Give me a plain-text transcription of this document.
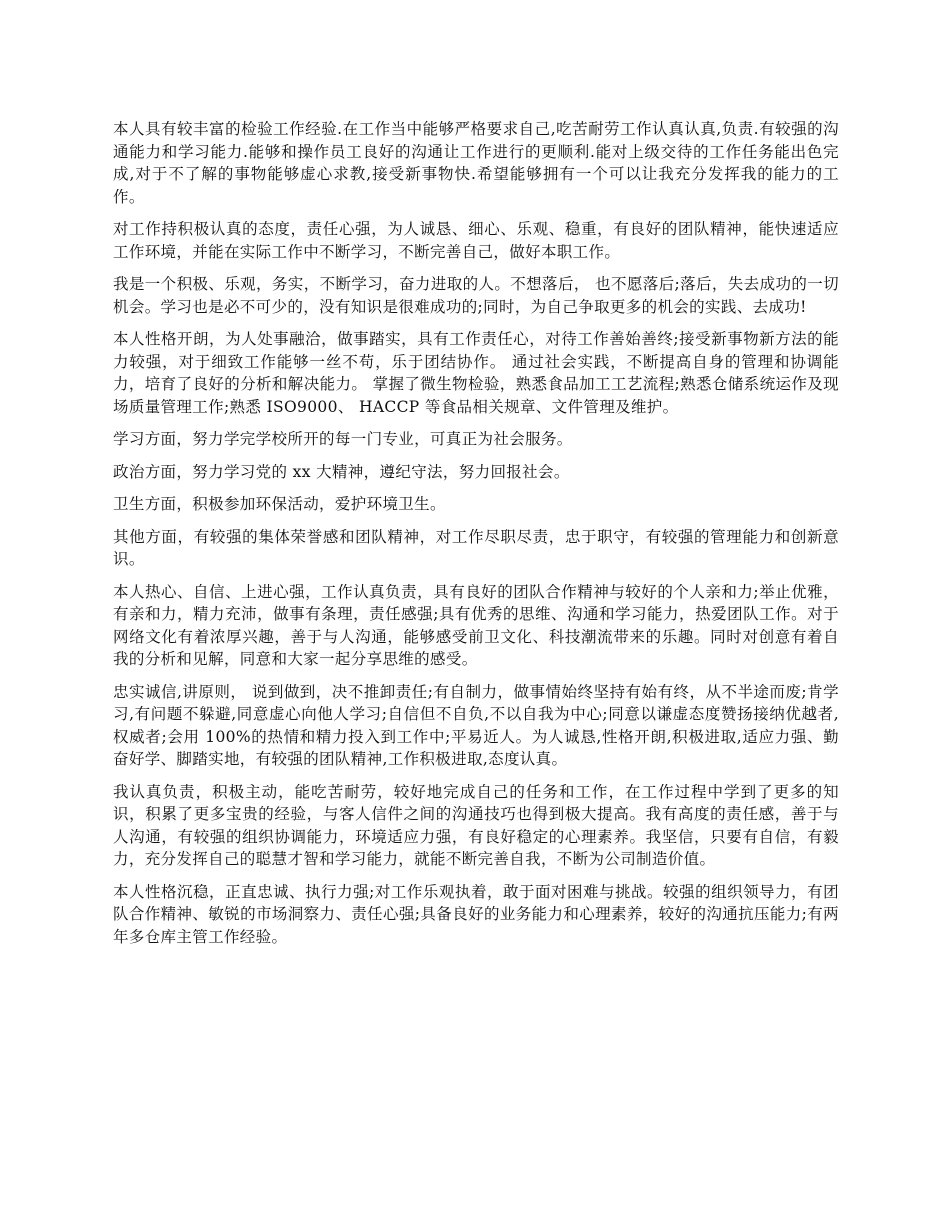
本人具有较丰富的检验工作经验.在工作当中能够严格要求自己,吃苦耐劳工作认真认真,负责.有较强的沟通能力和学习能力.能够和操作员工良好的沟通让工作进行的更顺利.能对上级交待的工作任务能出色完成,对于不了解的事物能够虚心求教,接受新事物快.希望能够拥有一个可以让我充分发挥我的能力的工作。

对工作持积极认真的态度，责任心强，为人诚恳、细心、乐观、稳重，有良好的团队精神，能快速适应工作环境，并能在实际工作中不断学习，不断完善自己，做好本职工作。

我是一个积极、乐观，务实，不断学习，奋力进取的人。不想落后， 也不愿落后;落后，失去成功的一切机会。学习也是必不可少的，没有知识是很难成功的;同时，为自己争取更多的机会的实践、去成功!

本人性格开朗，为人处事融洽，做事踏实，具有工作责任心，对待工作善始善终;接受新事物新方法的能力较强，对于细致工作能够一丝不苟，乐于团结协作。 通过社会实践，不断提高自身的管理和协调能力，培育了良好的分析和解决能力。 掌握了微生物检验，熟悉食品加工工艺流程;熟悉仓储系统运作及现场质量管理工作;熟悉 ISO9000、 HACCP 等食品相关规章、文件管理及维护。

学习方面，努力学完学校所开的每一门专业，可真正为社会服务。

政治方面，努力学习党的 xx 大精神，遵纪守法，努力回报社会。

卫生方面，积极参加环保活动，爱护环境卫生。

其他方面，有较强的集体荣誉感和团队精神，对工作尽职尽责，忠于职守，有较强的管理能力和创新意识。

本人热心、自信、上进心强，工作认真负责，具有良好的团队合作精神与较好的个人亲和力;举止优雅，有亲和力，精力充沛，做事有条理，责任感强;具有优秀的思维、沟通和学习能力，热爱团队工作。对于网络文化有着浓厚兴趣，善于与人沟通，能够感受前卫文化、科技潮流带来的乐趣。同时对创意有着自我的分析和见解，同意和大家一起分享思维的感受。

忠实诚信,讲原则， 说到做到，决不推卸责任;有自制力，做事情始终坚持有始有终，从不半途而废;肯学习,有问题不躲避,同意虚心向他人学习;自信但不自负,不以自我为中心;同意以谦虚态度赞扬接纳优越者,权威者;会用 100%的热情和精力投入到工作中;平易近人。为人诚恳,性格开朗,积极进取,适应力强、勤奋好学、脚踏实地，有较强的团队精神,工作积极进取,态度认真。

我认真负责，积极主动，能吃苦耐劳，较好地完成自己的任务和工作，在工作过程中学到了更多的知识，积累了更多宝贵的经验，与客人信件之间的沟通技巧也得到极大提高。我有高度的责任感，善于与人沟通，有较强的组织协调能力，环境适应力强，有良好稳定的心理素养。我坚信，只要有自信，有毅力，充分发挥自己的聪慧才智和学习能力，就能不断完善自我，不断为公司制造价值。

本人性格沉稳，正直忠诚、执行力强;对工作乐观执着，敢于面对困难与挑战。较强的组织领导力，有团队合作精神、敏锐的市场洞察力、责任心强;具备良好的业务能力和心理素养，较好的沟通抗压能力;有两年多仓库主管工作经验。
